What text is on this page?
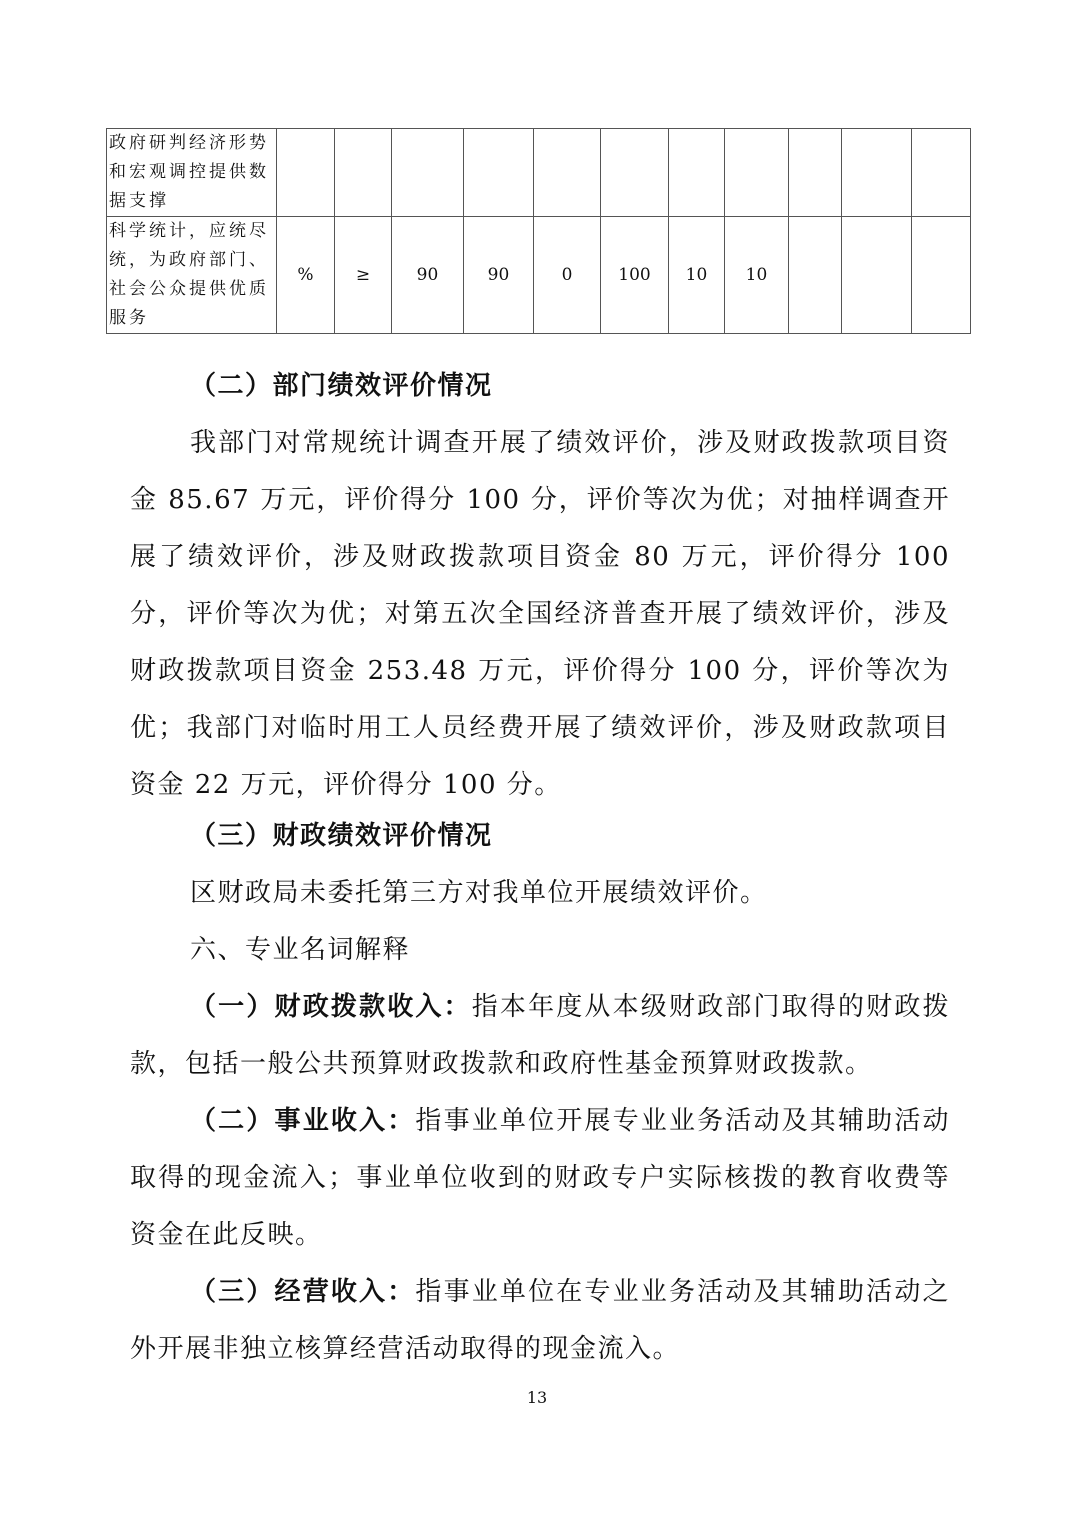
政府研判经济形势和宏观调控提供数据支撑											
科学统计，应统尽统，为政府部门、社会公众提供优质服务	%	≥	90	90	0	100	10	10			

（二）部门绩效评价情况

我部门对常规统计调查开展了绩效评价，涉及财政拨款项目资金 85.67 万元，评价得分 100 分，评价等次为优；对抽样调查开展了绩效评价，涉及财政拨款项目资金 80 万元，评价得分 100 分，评价等次为优；对第五次全国经济普查开展了绩效评价，涉及财政拨款项目资金 253.48 万元，评价得分 100 分，评价等次为优；我部门对临时用工人员经费开展了绩效评价，涉及财政款项目资金 22 万元，评价得分 100 分。

（三）财政绩效评价情况

区财政局未委托第三方对我单位开展绩效评价。

六、专业名词解释

（一）财政拨款收入：指本年度从本级财政部门取得的财政拨款，包括一般公共预算财政拨款和政府性基金预算财政拨款。

（二）事业收入：指事业单位开展专业业务活动及其辅助活动取得的现金流入；事业单位收到的财政专户实际核拨的教育收费等资金在此反映。

（三）经营收入：指事业单位在专业业务活动及其辅助活动之外开展非独立核算经营活动取得的现金流入。

13
